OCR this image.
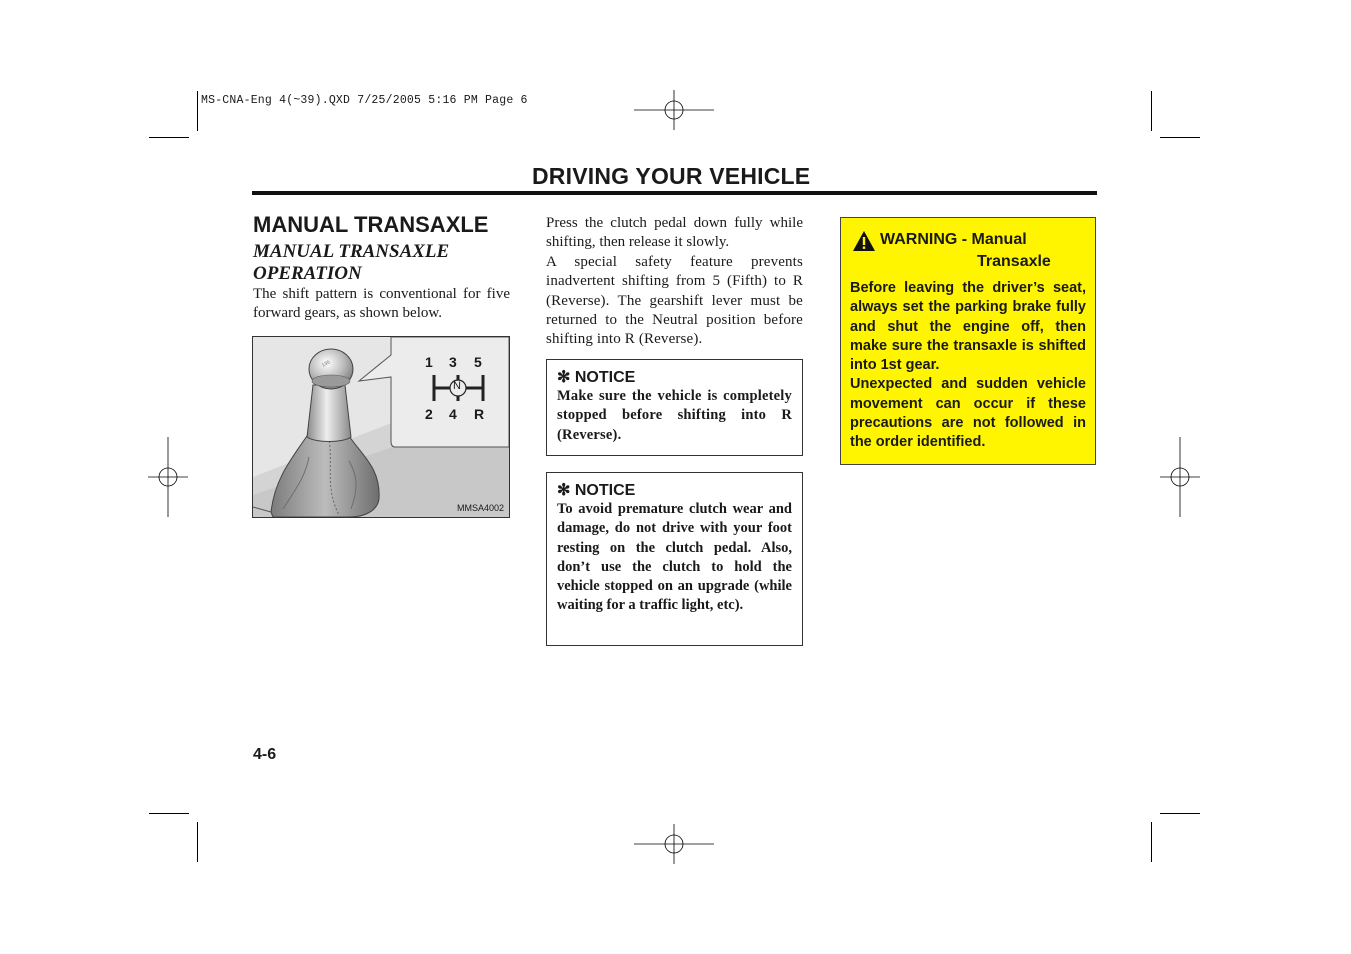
MS-CNA-Eng 4(~39).QXD 7/25/2005 5:16 PM Page 6
DRIVING YOUR VEHICLE
MANUAL TRANSAXLE
MANUAL TRANSAXLE OPERATION
The shift pattern is conventional for five forward gears, as shown below.
135	1 3 5
2 4 R
N
MMSA4002
Press the clutch pedal down fully while shifting, then release it slowly.
A special safety feature prevents inadvertent shifting from 5 (Fifth) to R (Reverse). The gearshift lever must be returned to the Neutral position before shifting into R (Reverse).
✻ NOTICE
Make sure the vehicle is completely stopped before shifting into R (Reverse).
✻ NOTICE
To avoid premature clutch wear and damage, do not drive with your foot resting on the clutch pedal. Also, don’t use the clutch to hold the vehicle stopped on an upgrade (while waiting for a traffic light, etc).
WARNING - Manual
Transaxle
Before leaving the driver’s seat, always set the parking brake fully and shut the engine off, then make sure the transaxle is shifted into 1st gear.
Unexpected and sudden vehicle movement can occur if these precautions are not followed in the order identified.
4-6
